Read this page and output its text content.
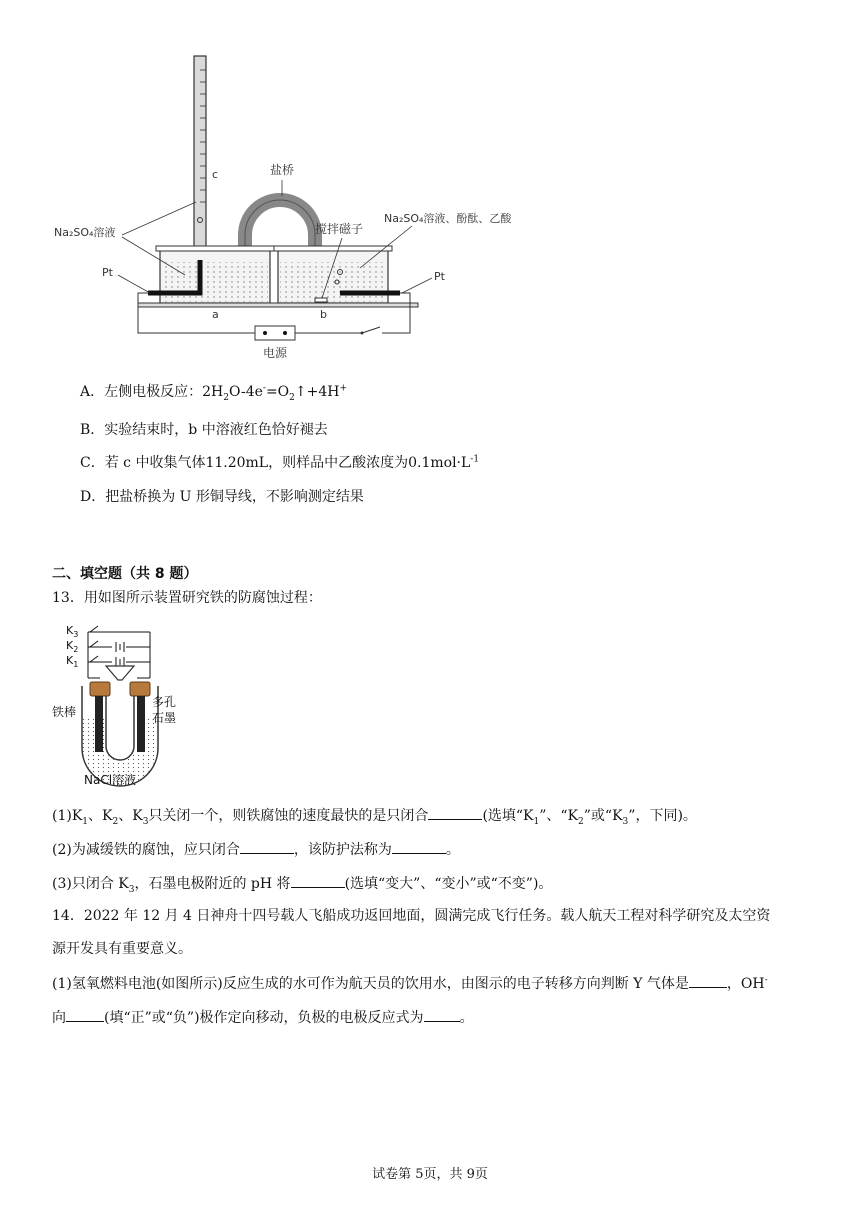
c	盐桥
电源
a	b
Na₂SO₄溶液
Pt
搅拌磁子
Na₂SO₄溶液、酚酞、乙酸
Pt
A．左侧电极反应：$2H_2O-4e^-=O_2↑+4H^+$
B．实验结束时，b 中溶液红色恰好褪去
C．若 c 中收集气体11.20mL，则样品中乙酸浓度为$0.1mol\cdot L^{-1}$
D．把盐桥换为 U 形铜导线，不影响测定结果
二、填空题（共 8 题）
13．用如图所示装置研究铁的防腐蚀过程：
$K_3$
$K_2$
$K_1$
铁棒
多孔
石墨
NaCl溶液
$(1)K_1$、$K_2$、$K_3$只关闭一个，则铁腐蚀的速度最快的是只闭合	(选填“$K_1$”、“$K_2$”或“$K_3$”，下同)。
(2)为减缓铁的腐蚀，应只闭合	，该防护法称为	。
(3)只闭合 $K_3$，石墨电极附近的 pH 将	(选填“变大”、“变小”或“不变”)。
14．2022 年 12 月 4 日神舟十四号载人飞船成功返回地面，圆满完成飞行任务。载人航天工程对科学研究及太空资
源开发具有重要意义。
(1)氢氧燃料电池(如图所示)反应生成的水可作为航天员的饮用水，由图示的电子转移方向判断 Y 气体是	，OH-
向	(填“正”或“负”)极作定向移动，负极的电极反应式为	。
试卷第 5页，共 9页
